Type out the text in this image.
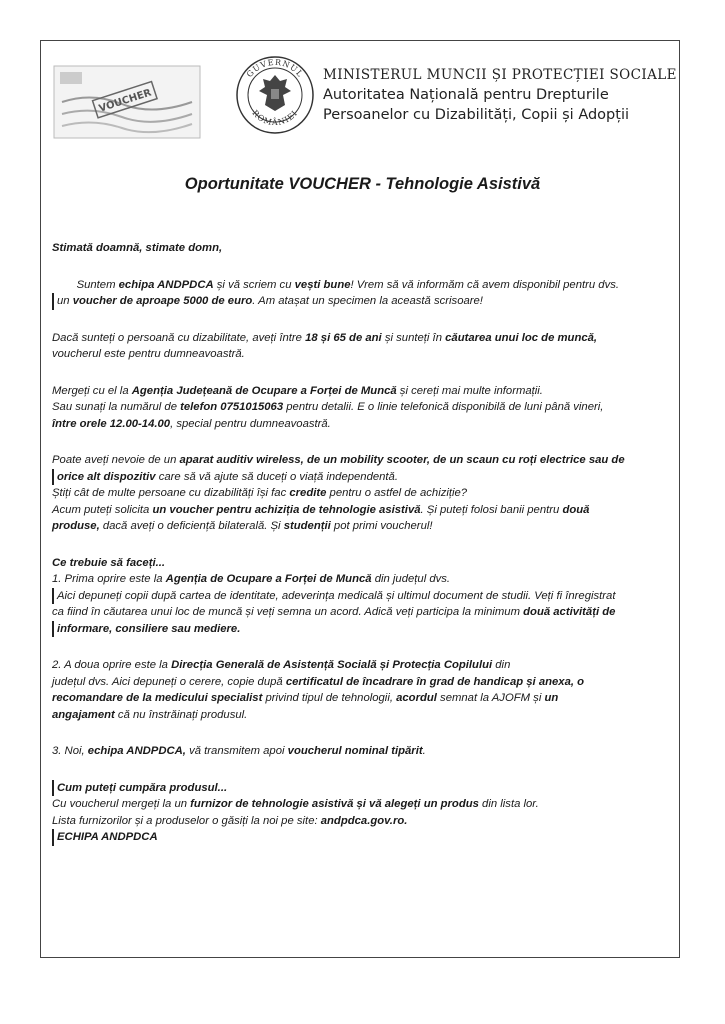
VOUCHER
GUVERNUL
ROMÂNIEI
MINISTERUL MUNCII ȘI PROTECȚIEI SOCIALE
Autoritatea Națională pentru Drepturile
Persoanelor cu Dizabilități, Copii și Adopții
Oportunitate VOUCHER - Tehnologie Asistivă

Stimată doamnă, stimate domn,

Suntem echipa ANDPDCA și vă scriem cu vești bune! Vrem să vă informăm că avem disponibil pentru dvs.

un voucher de aproape 5000 de euro. Am atașat un specimen la această scrisoare!

Dacă sunteți o persoană cu dizabilitate, aveți între 18 și 65 de ani și sunteți în căutarea unui loc de muncă,

voucherul este pentru dumneavoastră.

Mergeți cu el la Agenția Județeană de Ocupare a Forței de Muncă și cereți mai multe informații.

Sau sunați la numărul de telefon 0751015063 pentru detalii. E o linie telefonică disponibilă de luni până vineri,

între orele 12.00-14.00, special pentru dumneavoastră.

Poate aveți nevoie de un aparat auditiv wireless, de un mobility scooter, de un scaun cu roți electrice sau de

orice alt dispozitiv care să vă ajute să duceți o viață independentă.

Știți cât de multe persoane cu dizabilități își fac credite pentru o astfel de achiziție?

Acum puteți solicita un voucher pentru achiziția de tehnologie asistivă. Și puteți folosi banii pentru două

produse, dacă aveți o deficiență bilaterală. Și studenții pot primi voucherul!

Ce trebuie să faceți...

1. Prima oprire este la Agenția de Ocupare a Forței de Muncă din județul dvs.

Aici depuneți copii după cartea de identitate, adeverința medicală și ultimul document de studii. Veți fi înregistrat

ca fiind în căutarea unui loc de muncă și veți semna un acord. Adică veți participa la minimum două activități de

informare, consiliere sau mediere.

2. A doua oprire este la Direcția Generală de Asistență Socială și Protecția Copilului din

județul dvs. Aici depuneți o cerere, copie după certificatul de încadrare în grad de handicap și anexa, o

recomandare de la medicului specialist privind tipul de tehnologii, acordul semnat la AJOFM și un

angajament că nu înstrăinați produsul.

3. Noi, echipa ANDPDCA, vă transmitem apoi voucherul nominal tipărit.

Cum puteți cumpăra produsul...

Cu voucherul mergeți la un furnizor de tehnologie asistivă și vă alegeți un produs din lista lor.

Lista furnizorilor și a produselor o găsiți la noi pe site: andpdca.gov.ro.

ECHIPA ANDPDCA
